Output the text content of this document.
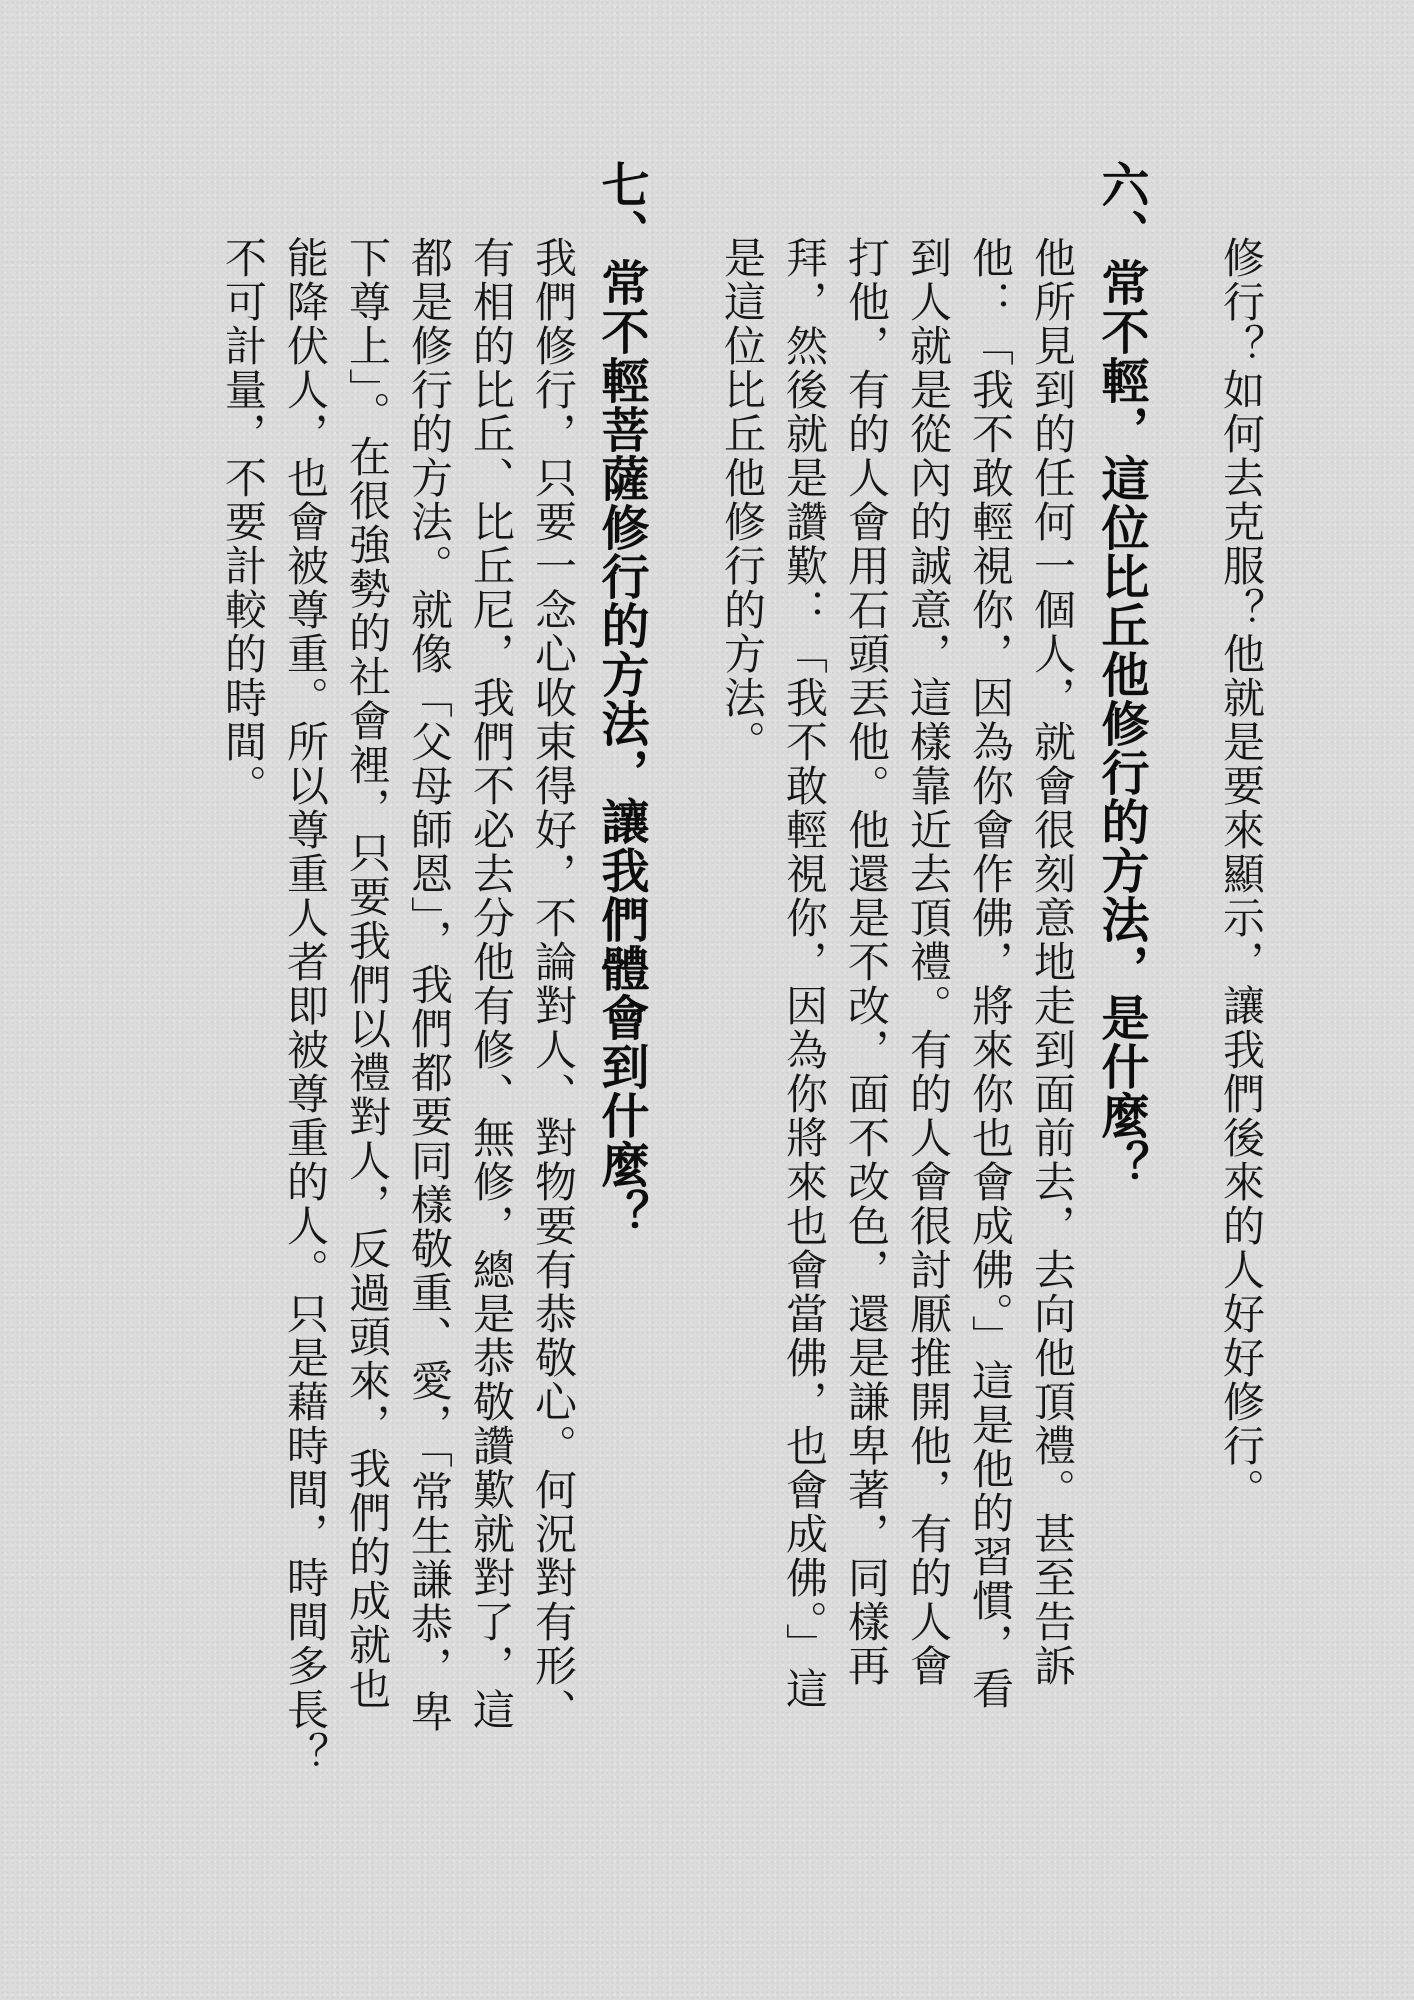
修行？如何去克服？他就是要來顯示，讓我們後來的人好好修行。
六、常不輕，這位比丘他修行的方法，是什麼？
他所見到的任何一個人，就會很刻意地走到面前去，去向他頂禮。甚至告訴
他：「我不敢輕視你，因為你會作佛，將來你也會成佛。」這是他的習慣，看
到人就是從內的誠意，這樣靠近去頂禮。有的人會很討厭推開他，有的人會
打他，有的人會用石頭丟他。他還是不改，面不改色，還是謙卑著，同樣再
拜，然後就是讚歎：「我不敢輕視你，因為你將來也會當佛，也會成佛。」這
是這位比丘他修行的方法。
七、常不輕菩薩修行的方法，讓我們體會到什麼？
我們修行，只要一念心收束得好，不論對人、對物要有恭敬心。何況對有形、
有相的比丘、比丘尼，我們不必去分他有修、無修，總是恭敬讚歎就對了，這
都是修行的方法。就像「父母師恩」，我們都要同樣敬重、愛，「常生謙恭，卑
下尊上」。在很強勢的社會裡，只要我們以禮對人，反過頭來，我們的成就也
能降伏人，也會被尊重。所以尊重人者即被尊重的人。只是藉時間，時間多長？
不可計量，不要計較的時間。
